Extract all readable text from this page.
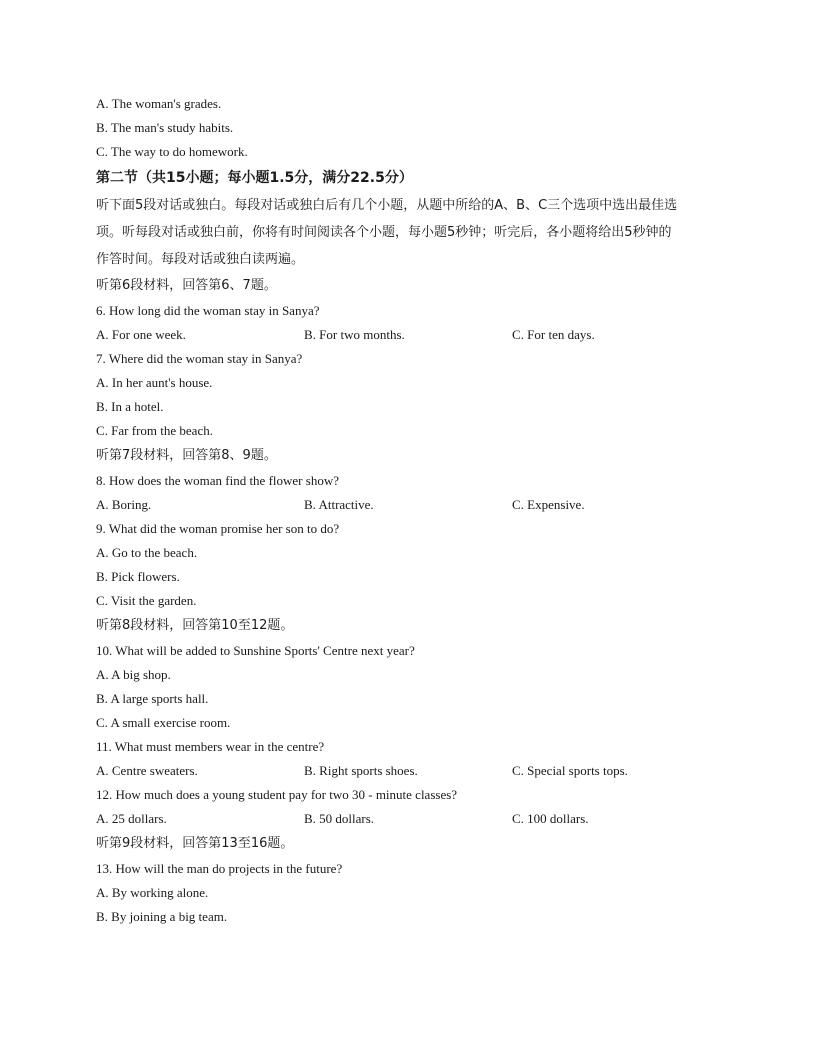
A. The woman's grades.
B. The man's study habits.
C. The way to do homework.
第二节（共15小题；每小题1.5分，满分22.5分）
听下面5段对话或独白。每段对话或独白后有几个小题，从题中所给的A、B、C三个选项中选出最佳选
项。听每段对话或独白前，你将有时间阅读各个小题，每小题5秒钟；听完后，各小题将给出5秒钟的
作答时间。每段对话或独白读两遍。
听第6段材料，回答第6、7题。
6. How long did the woman stay in Sanya?
A. For one week.	B. For two months.	C. For ten days.
7. Where did the woman stay in Sanya?
A. In her aunt's house.
B. In a hotel.
C. Far from the beach.
听第7段材料，回答第8、9题。
8. How does the woman find the flower show?
A. Boring.	B. Attractive.	C. Expensive.
9. What did the woman promise her son to do?
A. Go to the beach.
B. Pick flowers.
C. Visit the garden.
听第8段材料，回答第10至12题。
10. What will be added to Sunshine Sports' Centre next year?
A. A big shop.
B. A large sports hall.
C. A small exercise room.
11. What must members wear in the centre?
A. Centre sweaters.	B. Right sports shoes.	C. Special sports tops.
12. How much does a young student pay for two 30 - minute classes?
A. 25 dollars.	B. 50 dollars.	C. 100 dollars.
听第9段材料，回答第13至16题。
13. How will the man do projects in the future?
A. By working alone.
B. By joining a big team.
